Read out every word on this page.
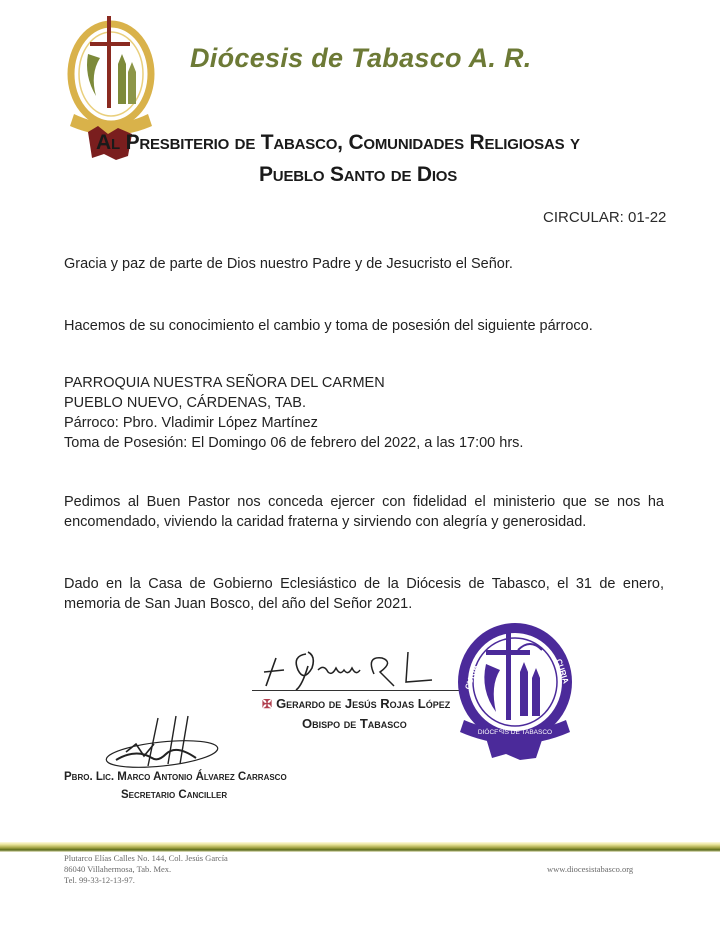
Diócesis de Tabasco A. R.
Al Presbiterio de Tabasco, Comunidades Religiosas y
Pueblo Santo de Dios
CIRCULAR: 01-22
Gracia y paz de parte de Dios nuestro Padre y de Jesucristo el Señor.
Hacemos de su conocimiento el cambio y toma de posesión del siguiente párroco.
PARROQUIA NUESTRA SEÑORA DEL CARMEN
PUEBLO NUEVO, CÁRDENAS, TAB.
Párroco: Pbro. Vladimir López Martínez
Toma de Posesión: El Domingo 06 de febrero del 2022, a las 17:00 hrs.
Pedimos al Buen Pastor nos conceda ejercer con fidelidad el ministerio que se nos ha encomendado, viviendo la caridad fraterna y sirviendo con alegría y generosidad.
Dado en la Casa de Gobierno Eclesiástico de la Diócesis de Tabasco, el 31 de enero, memoria de San Juan Bosco, del año del Señor 2021.
✠ Gerardo de Jesús Rojas López
Obispo de Tabasco
CURIA	CURIA
DIÓCESIS DE TABASCO
Pbro. Lic. Marco Antonio Álvarez Carrasco
Secretario Canciller
Plutarco Elías Calles No. 144, Col. Jesús García
86040 Villahermosa, Tab. Mex.
Tel. 99-33-12-13-97.
www.diocesistabasco.org
